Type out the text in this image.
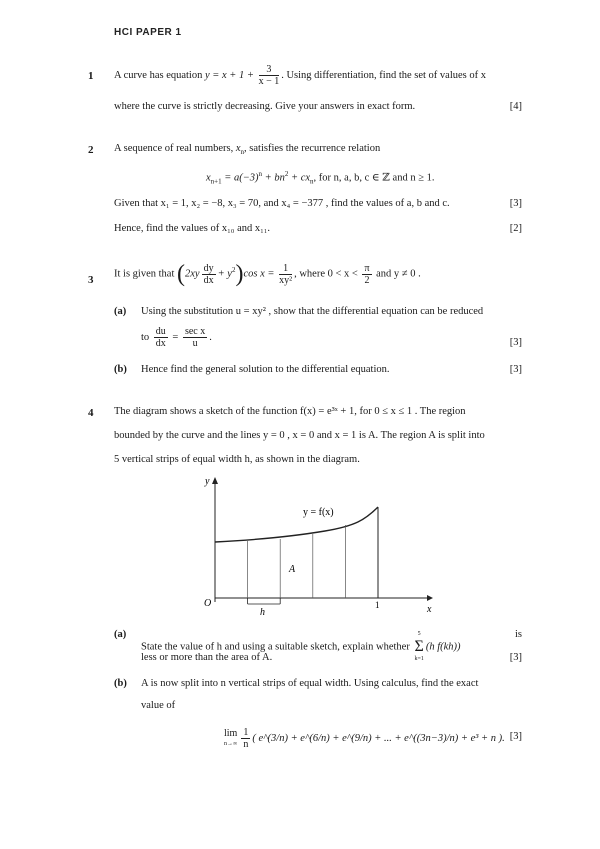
HCI PAPER 1
1 A curve has equation $y = x + 1 + \frac{3}{x - 1}$ . Using differentiation, find the set of values of x
where the curve is strictly decreasing. Give your answers in exact form.	[4]
2 A sequence of real numbers, $x_n$, satisfies the recurrence relation
$x_{n+1} = a(-3)^n + bn^2 + cx_n$, for n, a, b, c ∈ ℤ and n ≥ 1.
Given that x₁ = 1, x₂ = −8, x₃ = 70, and x₄ = −377 , find the values of a, b and c.	[3]
Hence, find the values of x₁₀ and x₁₁.	[2]
3
It is given that $(2xy \frac{dy}{dx} + y^2)\cos$ $x = \frac{1}{\text{xy²}}$ , where $0 < x < \frac{\pi}{2}$ and y ≠ 0 .
(a) Using the substitution u = xy² , show that the differential equation can be reduced
to $\frac{du}{dx} = \frac{\text{sec x}}{u}$ .	[3]
(b) Hence find the general solution to the differential equation.	[3]
4 The diagram shows a sketch of the function f(x) = e³ˣ + 1, for 0 ≤ x ≤ 1 . The region
bounded by the curve and the lines y = 0 , x = 0 and x = 1 is A. The region A is split into
5 vertical strips of equal width h, as shown in the diagram.
y
x
O
y = f(x)
A
h
1
(a)
State the value of h and using a suitable sketch, explain whether
5
Σ
k=1
(h f(kh))
is
less or more than the area of A.	[3]
(b) A is now split into n vertical strips of equal width. Using calculus, find the exact
value of
lim
$n\to\infty \frac{1}{n}$ ( e^(3/n) + e^(6/n) + e^(9/n) + ... + e^((3n−3)/n) + e³ + n ). [3]
